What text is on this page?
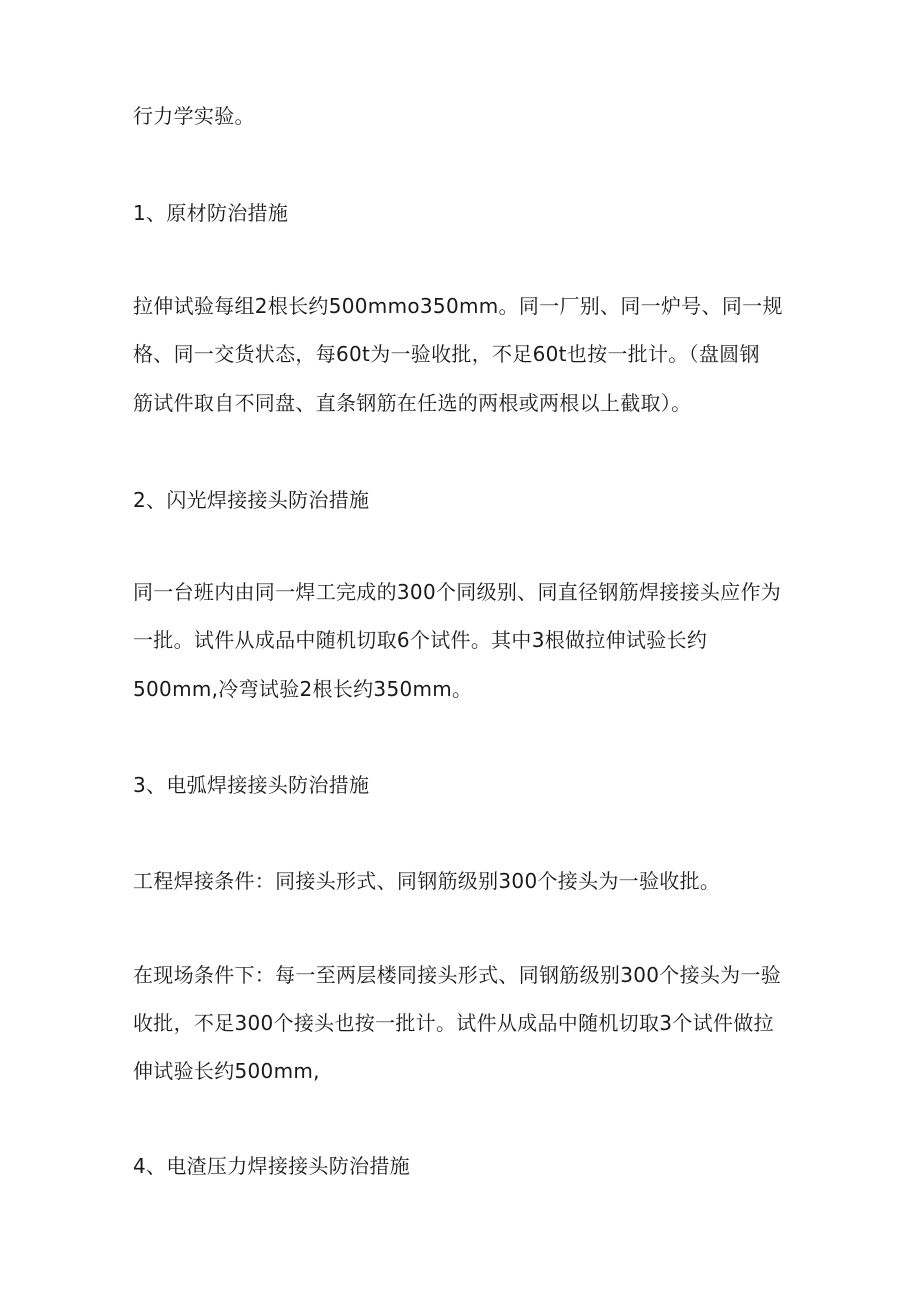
行力学实验。

1、原材防治措施

拉伸试验每组2根长约500mmo350mm。同一厂别、同一炉号、同一规

格、同一交货状态，每60t为一验收批，不足60t也按一批计。（盘圆钢

筋试件取自不同盘、直条钢筋在任选的两根或两根以上截取）。

2、闪光焊接接头防治措施

同一台班内由同一焊工完成的300个同级别、同直径钢筋焊接接头应作为

一批。试件从成品中随机切取6个试件。其中3根做拉伸试验长约

500mm,冷弯试验2根长约350mm。

3、电弧焊接接头防治措施

工程焊接条件：同接头形式、同钢筋级别300个接头为一验收批。

在现场条件下：每一至两层楼同接头形式、同钢筋级别300个接头为一验

收批，不足300个接头也按一批计。试件从成品中随机切取3个试件做拉

伸试验长约500mm,

4、电渣压力焊接接头防治措施
